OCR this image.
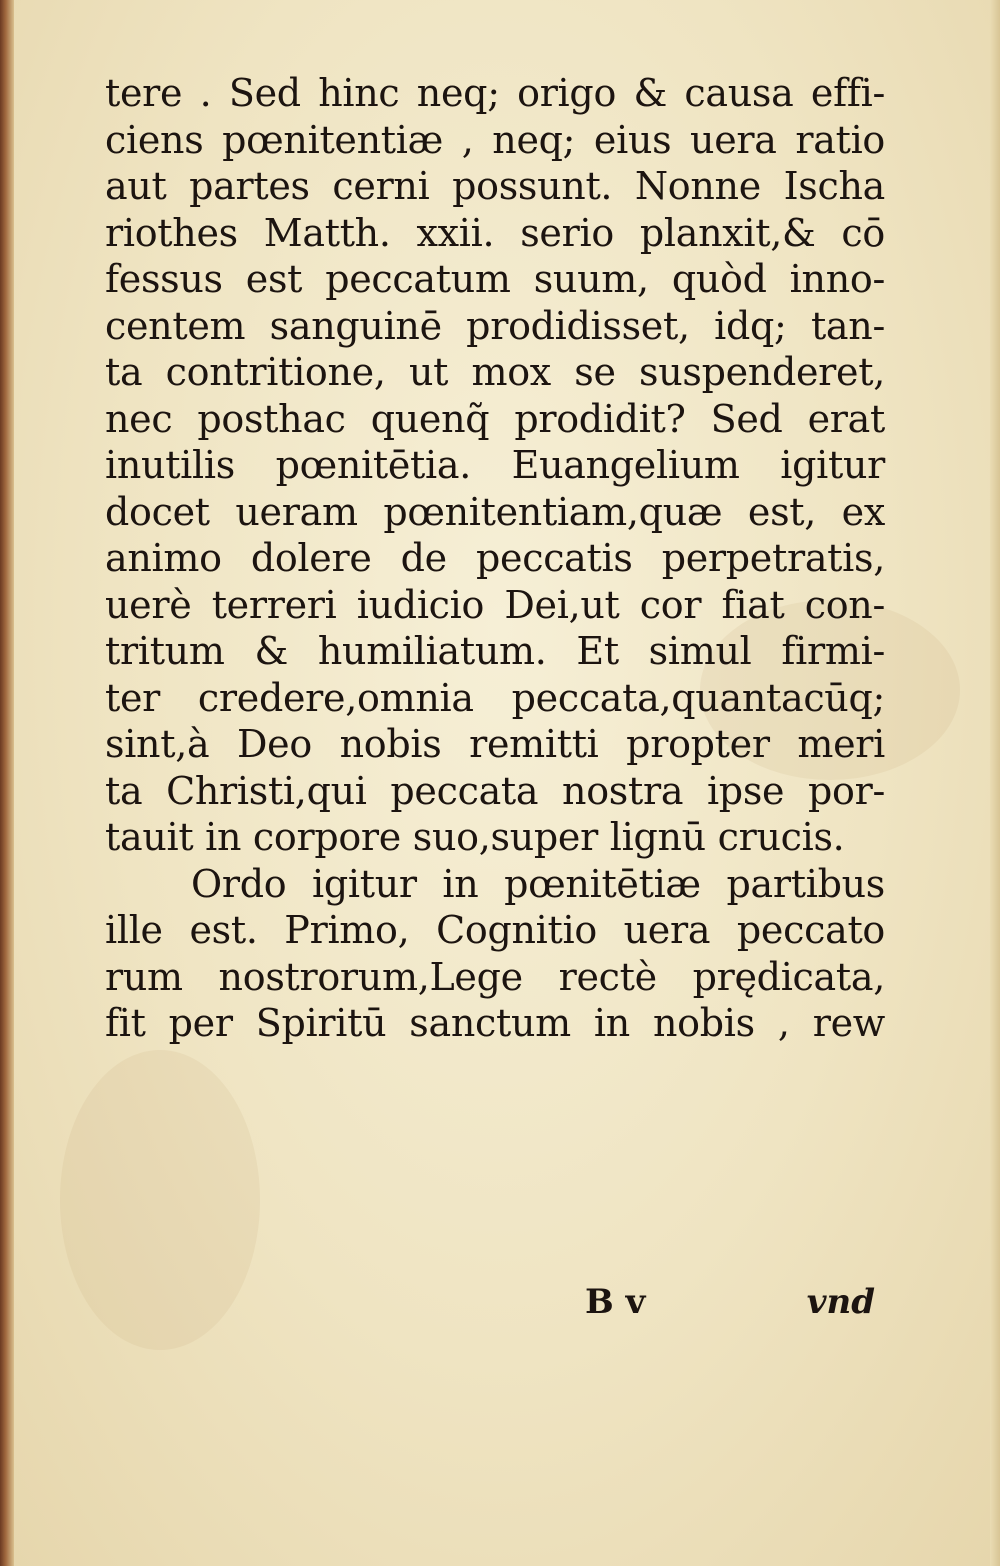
tere . Sed hinc neq; origo & causa effi-
ciens pœnitentiæ , neq; eius uera ratio
aut partes cerni possunt. Nonne Ischa
riothes Matth. xxii. serio planxit,& cō
fessus est peccatum suum, quòd inno-
centem sanguinē prodidisset, idq; tan-
ta contritione, ut mox se suspenderet,
nec posthac quenq̃ prodidit? Sed erat
inutilis pœnitētia. Euangelium igitur
docet ueram pœnitentiam,quæ est, ex
animo dolere de peccatis perpetratis,
uerè terreri iudicio Dei,ut cor fiat con-
tritum & humiliatum. Et simul firmi-
ter credere,omnia peccata,quantacūq;
sint,à Deo nobis remitti propter meri
ta Christi,qui peccata nostra ipse por-
tauit in corpore suo,super lignū crucis.
Ordo igitur in pœnitētiæ partibus
ille est. Primo, Cognitio uera peccato
rum nostrorum,Lege rectè prędicata,
fit per Spiritū sanctum in nobis , rew
B v	vnd
